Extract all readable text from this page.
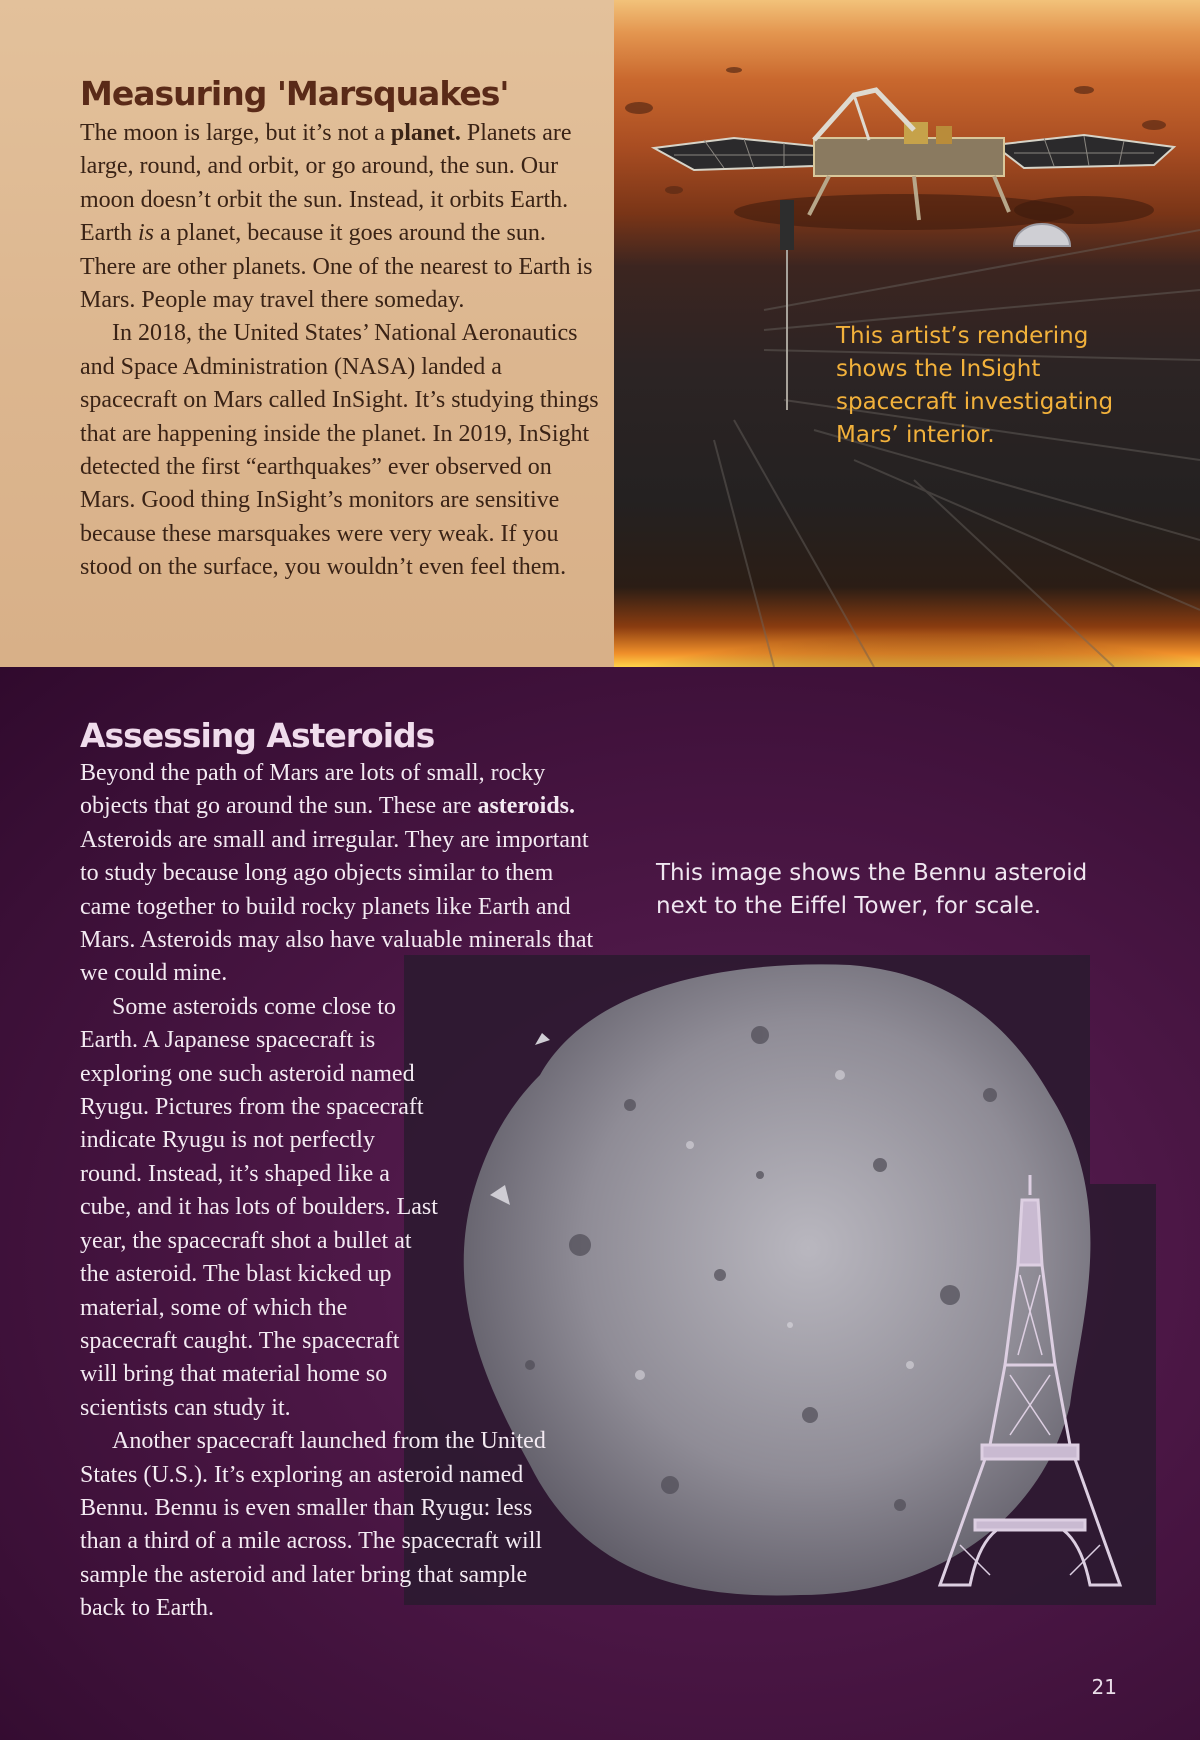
Measuring 'Marsquakes'

The moon is large, but it’s not a planet. Planets are large, round, and orbit, or go around, the sun. Our moon doesn’t orbit the sun. Instead, it orbits Earth. Earth is a planet, because it goes around the sun. There are other planets. One of the nearest to Earth is Mars. People may travel there someday.

In 2018, the United States’ National Aeronautics and Space Administration (NASA) landed a spacecraft on Mars called InSight. It’s studying things that are happening inside the planet. In 2019, InSight detected the first “earthquakes” ever observed on Mars. Good thing InSight’s monitors are sensitive because these marsquakes were very weak. If you stood on the surface, you wouldn’t even feel them.

This artist’s rendering shows the InSight spacecraft investigating Mars’ interior.
Assessing Asteroids

Beyond the path of Mars are lots of small, rocky objects that go around the sun. These are asteroids. Asteroids are small and irregular. They are important to study because long ago objects similar to them came together to build rocky planets like Earth and Mars. Asteroids may also have valuable minerals that we could mine.

Some asteroids come close to Earth. A Japanese spacecraft is exploring one such asteroid named Ryugu. Pictures from the spacecraft indicate Ryugu is not perfectly round. Instead, it’s shaped like a cube, and it has lots of boulders. Last year, the spacecraft shot a bullet at the asteroid. The blast kicked up material, some of which the spacecraft caught. The spacecraft will bring that material home so scientists can study it.

Another spacecraft launched from the United States (U.S.). It’s exploring an asteroid named Bennu. Bennu is even smaller than Ryugu: less than a third of a mile across. The spacecraft will sample the asteroid and later bring that sample back to Earth.

This image shows the Bennu asteroid next to the Eiffel Tower, for scale.
21
